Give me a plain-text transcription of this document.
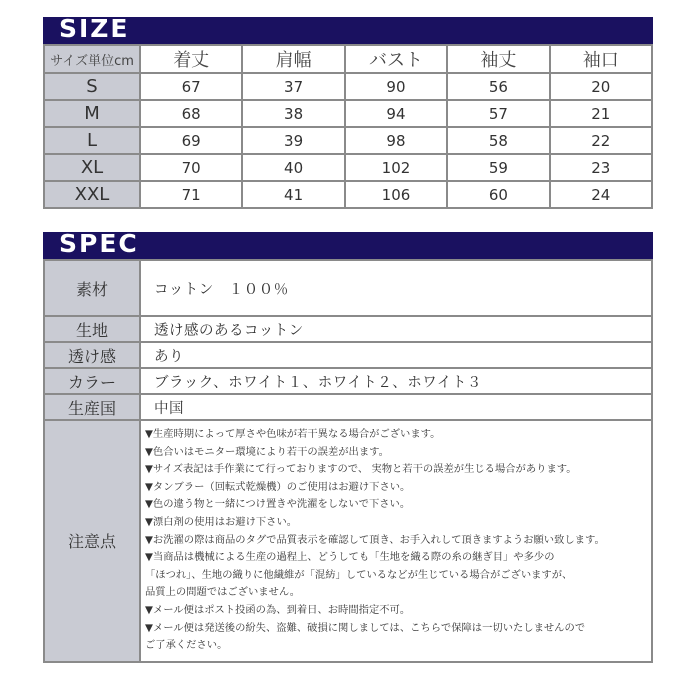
SIZE
サイズ単位cm	着丈	肩幅	バスト	袖丈	袖口
S	67	37	90	56	20
M	68	38	94	57	21
L	69	39	98	58	22
XL	70	40	102	59	23
XXL	71	41	106	60	24
SPEC
素材	コットン　１００％
生地	透け感のあるコットン
透け感	あり
カラー	ブラック、ホワイト１、ホワイト２、ホワイト３
生産国	中国
注意点	
▼生産時期によって厚さや色味が若干異なる場合がございます。
▼色合いはモニター環境により若干の誤差が出ます。
▼サイズ表記は手作業にて行っておりますので、 実物と若干の誤差が生じる場合があります。
▼タンブラー（回転式乾燥機）のご使用はお避け下さい。
▼色の違う物と一緒につけ置きや洗濯をしないで下さい。
▼漂白剤の使用はお避け下さい。
▼お洗濯の際は商品のタグで品質表示を確認して頂き、お手入れして頂きますようお願い致します。
▼当商品は機械による生産の過程上、どうしても「生地を織る際の糸の継ぎ目」や多少の
「ほつれ」、生地の織りに他繊維が「混紡」しているなどが生じている場合がございますが、
品質上の問題ではございません。
▼メール便はポスト投函の為、到着日、お時間指定不可。
▼メール便は発送後の紛失、盗難、破損に関しましては、こちらで保障は一切いたしませんので
ご了承ください。
